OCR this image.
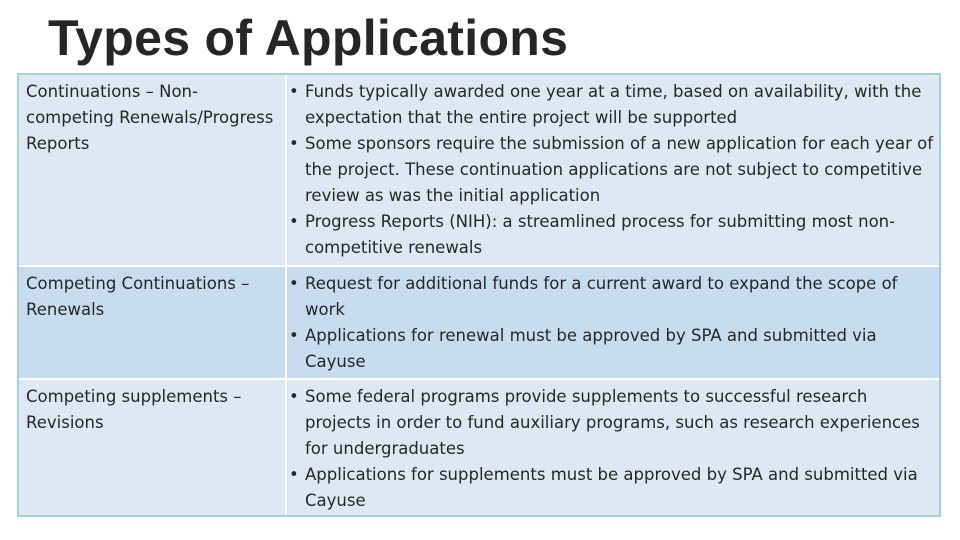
Types of Applications
Continuations – Non-competing Renewals/Progress Reports
• Funds typically awarded one year at a time, based on availability, with the expectation that the entire project will be supported
• Some sponsors require the submission of a new application for each year of the project. These continuation applications are not subject to competitive review as was the initial application
• Progress Reports (NIH): a streamlined process for submitting most non-competitive renewals
Competing Continuations – Renewals
• Request for additional funds for a current award to expand the scope of work
• Applications for renewal must be approved by SPA and submitted via Cayuse
Competing supplements – Revisions
• Some federal programs provide supplements to successful research projects in order to fund auxiliary programs, such as research experiences for undergraduates
• Applications for supplements must be approved by SPA and submitted via Cayuse
